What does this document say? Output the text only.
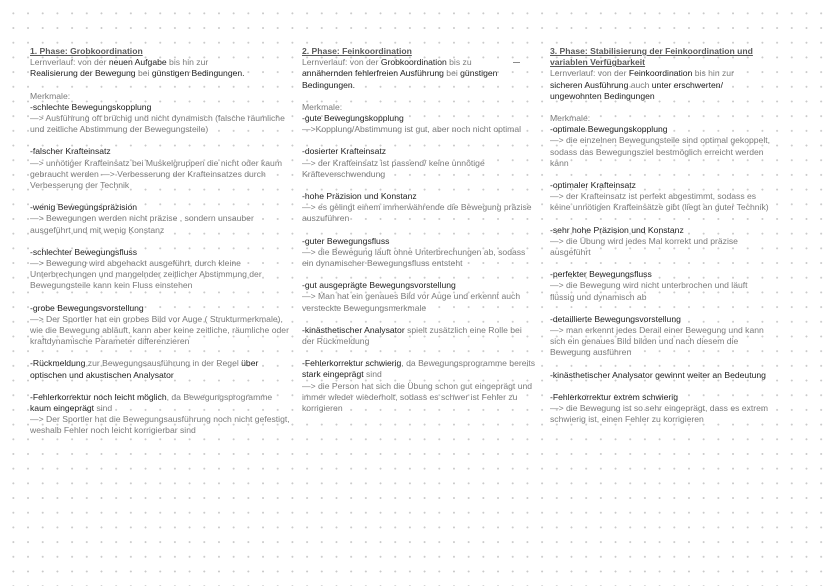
1. Phase: Grobkoordination

Lernverlauf: von der neuen Aufgabe bis hin zur
Realisierung der Bewegung bei günstigen Bedingungen.

Merkmale:

-schlechte Bewegungskopplung

—> Ausführung oft brüchig und nicht dynamisch (falsche räumliche und zeitliche Abstimmung der Bewegungsteile)

-falscher Krafteinsatz

—> unnötiger Krafteinsatz bei Muskelgruppen die nicht oder kaum gebraucht werden —> Verbesserung der Krafteinsatzes durch Verbesserung der Technik

-wenig Bewegungspräzision

—> Bewegungen werden nicht präzise , sondern unsauber ausgeführt und mit wenig Konstanz

-schlechter Bewegungsfluss

—> Bewegung wird abgehackt ausgeführt, durch kleine Unterbrechungen und mangelnder zeitlicher Abstimmung der Bewegungsteile kann kein Fluss einstehen

-grobe Bewegungsvorstellung

—> Der Sportler hat ein grobes Bild vor Auge ( Strukturmerkmale), wie die Bewegung abläuft, kann aber keine zeitliche, räumliche oder kraftdynamische Parameter differenzieren

-Rückmeldung zur Bewegungsausführung in der Regel über optischen und akustischen Analysator

-Fehlerkorrektur noch leicht möglich, da Bewegungsprogramme kaum eingeprägt sind

—> Der Sportler hat die Bewegungsausführung noch nicht gefestigt, weshalb Fehler noch leicht korrigierbar sind

2. Phase: Feinkoordination

Lernverlauf: von der Grobkoordination bis zu
annähernden fehlerfreien Ausführung bei günstigen Bedingungen.

Merkmale:

-gute Bewegungskopplung

—>Kopplung/Abstimmung ist gut, aber noch nicht optimal

-dosierter Krafteinsatz

—> der Krafteinsatz ist passend/ keine unnötige Kräfteverschwendung

-hohe Präzision und Konstanz

—> es gelingt einem immerwährende die Bewegung präzise auszuführen

-guter Bewegungsfluss

—> die Bewegung läuft ohne Unterbrechungen ab, sodass ein dynamischer Bewegungsfluss entsteht

-gut ausgeprägte Bewegungsvorstellung

—> Man hat ein genaues Bild vor Auge und erkennt auch versteckte Bewegungsmerkmale

-kinästhetischer Analysator spielt zusätzlich eine Rolle bei der Rückmeldung

-Fehlerkorrektur schwierig, da Bewegungsprogramme bereits stark eingeprägt sind

—> die Person hat sich die Übung schon gut eingeprägt und immer wieder wiederholt, sodass es schwer ist Fehler zu korrigieren

3. Phase: Stabilisierung der Feinkoordination und variablen Verfügbarkeit

Lernverlauf: von der Feinkoordination bis hin zur
sicheren Ausführung auch unter erschwerten/ ungewohnten Bedingungen

Merkmale:

-optimale Bewegungskopplung

—> die einzelnen Bewegungsteile sind optimal gekoppelt, sodass das Bewegungsziel bestmöglich erreicht werden kann

-optimaler Krafteinsatz

—> der Krafteinsatz ist perfekt abgestimmt, sodass es keine unnötigen Krafteinsätze gibt (liegt an guter Technik)

-sehr hohe Präzision und Konstanz

—> die Übung wird jedes Mal korrekt und präzise ausgeführt

-perfekter Bewegungsfluss

—> die Bewegung wird nicht unterbrochen und läuft flüssig und dynamisch ab

-detaillierte Bewegungsvorstellung

—> man erkennt jedes Derail einer Bewegung und kann sich ein genaues Bild bilden und nach diesem die Bewegung ausführen

-kinästhetischer Analysator gewinnt weiter an Bedeutung

-Fehlerkorrektur extrem schwierig

—> die Bewegung ist so sehr eingeprägt, dass es extrem schwierig ist, einen Fehler zu korrigieren
